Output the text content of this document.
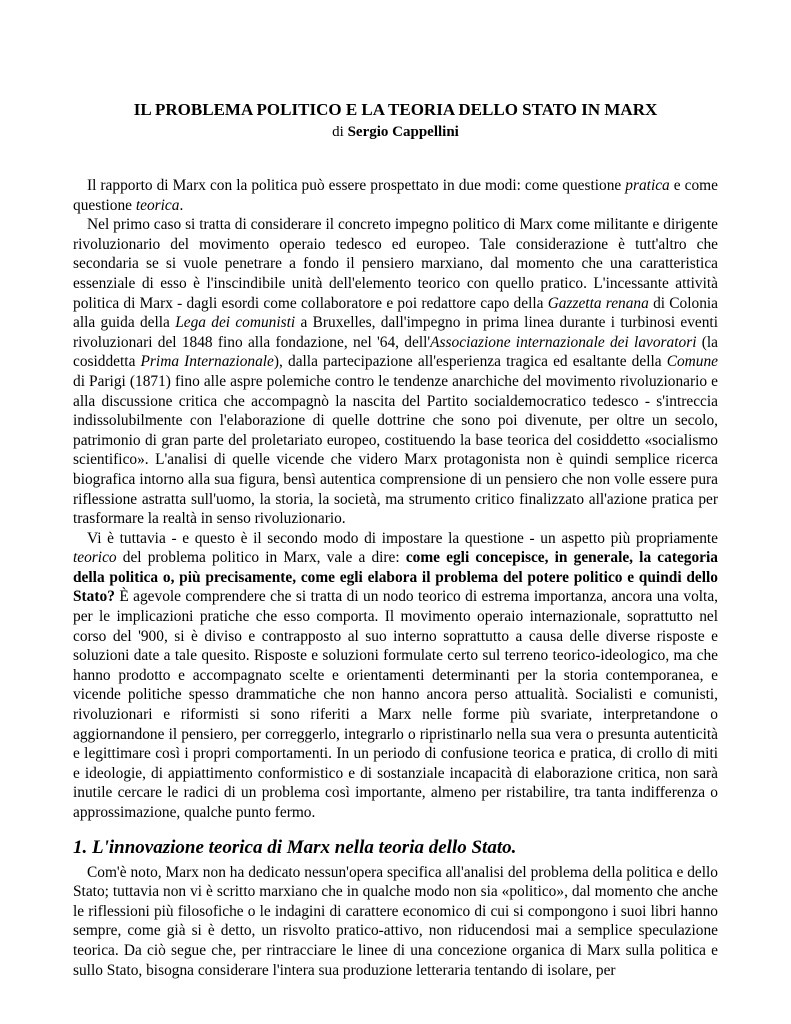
IL PROBLEMA POLITICO E LA TEORIA DELLO STATO IN MARX
di Sergio Cappellini

Il rapporto di Marx con la politica può essere prospettato in due modi: come questione pratica e come questione teorica.

Nel primo caso si tratta di considerare il concreto impegno politico di Marx come militante e dirigente rivoluzionario del movimento operaio tedesco ed europeo. Tale considerazione è tutt'altro che secondaria se si vuole penetrare a fondo il pensiero marxiano, dal momento che una caratteristica essenziale di esso è l'inscindibile unità dell'elemento teorico con quello pratico. L'incessante attività politica di Marx - dagli esordi come collaboratore e poi redattore capo della Gazzetta renana di Colonia alla guida della Lega dei comunisti a Bruxelles, dall'impegno in prima linea durante i turbinosi eventi rivoluzionari del 1848 fino alla fondazione, nel '64, dell'Associazione internazionale dei lavoratori (la cosiddetta Prima Internazionale), dalla partecipazione all'esperienza tragica ed esaltante della Comune di Parigi (1871) fino alle aspre polemiche contro le tendenze anarchiche del movimento rivoluzionario e alla discussione critica che accompagnò la nascita del Partito socialdemocratico tedesco - s'intreccia indissolubilmente con l'elaborazione di quelle dottrine che sono poi divenute, per oltre un secolo, patrimonio di gran parte del proletariato europeo, costituendo la base teorica del cosiddetto «socialismo scientifico». L'analisi di quelle vicende che videro Marx protagonista non è quindi semplice ricerca biografica intorno alla sua figura, bensì autentica comprensione di un pensiero che non volle essere pura riflessione astratta sull'uomo, la storia, la società, ma strumento critico finalizzato all'azione pratica per trasformare la realtà in senso rivoluzionario.

Vi è tuttavia - e questo è il secondo modo di impostare la questione - un aspetto più propriamente teorico del problema politico in Marx, vale a dire: come egli concepisce, in generale, la categoria della politica o, più precisamente, come egli elabora il problema del potere politico e quindi dello Stato? È agevole comprendere che si tratta di un nodo teorico di estrema importanza, ancora una volta, per le implicazioni pratiche che esso comporta. Il movimento operaio internazionale, soprattutto nel corso del '900, si è diviso e contrapposto al suo interno soprattutto a causa delle diverse risposte e soluzioni date a tale quesito. Risposte e soluzioni formulate certo sul terreno teorico-ideologico, ma che hanno prodotto e accompagnato scelte e orientamenti determinanti per la storia contemporanea, e vicende politiche spesso drammatiche che non hanno ancora perso attualità. Socialisti e comunisti, rivoluzionari e riformisti si sono riferiti a Marx nelle forme più svariate, interpretandone o aggiornandone il pensiero, per correggerlo, integrarlo o ripristinarlo nella sua vera o presunta autenticità e legittimare così i propri comportamenti. In un periodo di confusione teorica e pratica, di crollo di miti e ideologie, di appiattimento conformistico e di sostanziale incapacità di elaborazione critica, non sarà inutile cercare le radici di un problema così importante, almeno per ristabilire, tra tanta indifferenza o approssimazione, qualche punto fermo.

1. L'innovazione teorica di Marx nella teoria dello Stato.

Com'è noto, Marx non ha dedicato nessun'opera specifica all'analisi del problema della politica e dello Stato; tuttavia non vi è scritto marxiano che in qualche modo non sia «politico», dal momento che anche le riflessioni più filosofiche o le indagini di carattere economico di cui si compongono i suoi libri hanno sempre, come già si è detto, un risvolto pratico-attivo, non riducendosi mai a semplice speculazione teorica. Da ciò segue che, per rintracciare le linee di una concezione organica di Marx sulla politica e sullo Stato, bisogna considerare l'intera sua produzione letteraria tentando di isolare, per
